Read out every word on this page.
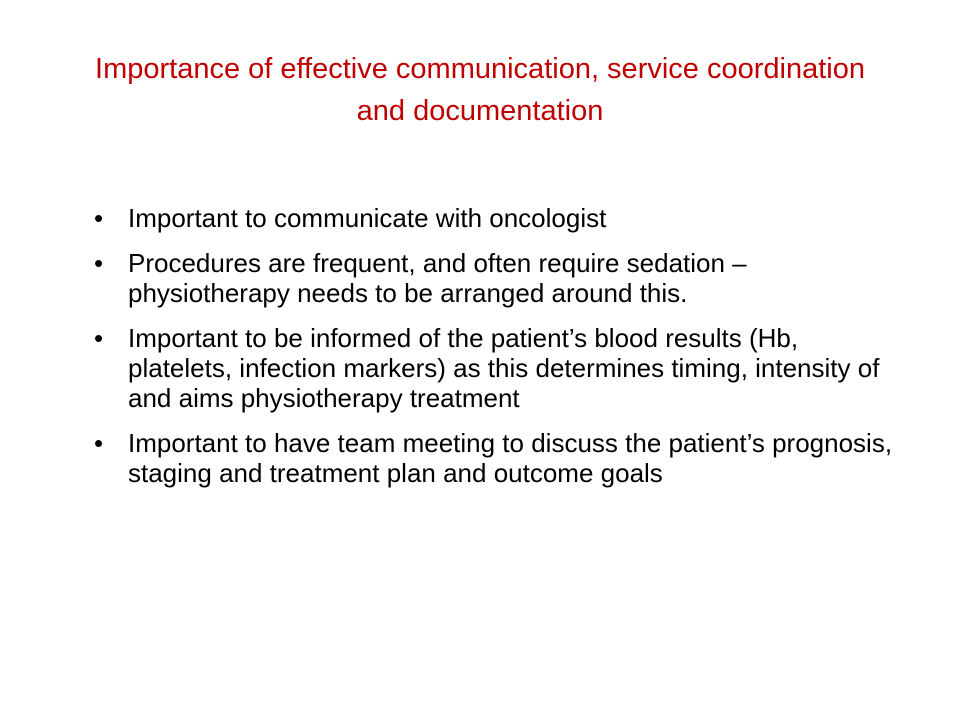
Importance of effective communication, service coordination and documentation
• Important to communicate with oncologist
• Procedures are frequent, and often require sedation –physiotherapy needs to be arranged around this.
• Important to be informed of the patient’s blood results (Hb, platelets, infection markers) as this determines timing, intensity of and aims physiotherapy treatment
• Important to have team meeting to discuss the patient’s prognosis, staging and treatment plan and outcome goals
